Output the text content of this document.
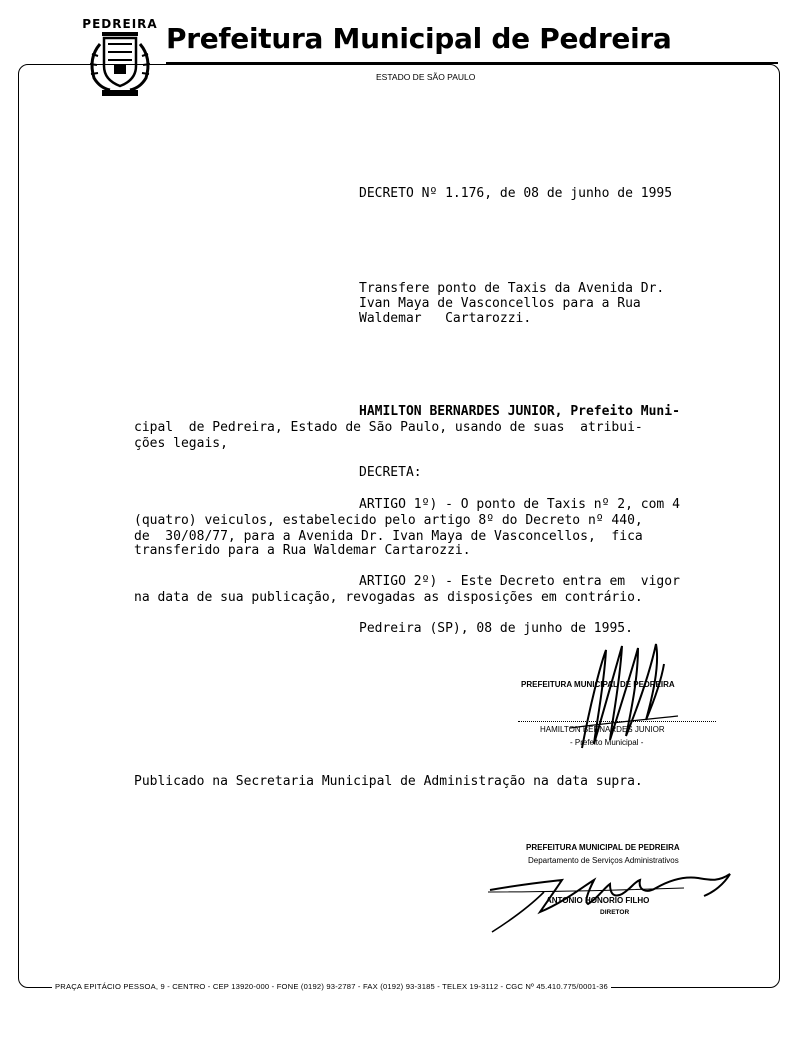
PEDREIRA Prefeitura Municipal de Pedreira
ESTADO DE SÃO PAULO
DECRETO Nº 1.176, de 08 de junho de 1995
Transfere ponto de Taxis da Avenida Dr.
Ivan Maya de Vasconcellos para a Rua
Waldemar   Cartarozzi.
HAMILTON BERNARDES JUNIOR, Prefeito Muni-
cipal  de Pedreira, Estado de São Paulo, usando de suas  atribui-
ções legais,
DECRETA:
ARTIGO 1º) - O ponto de Taxis nº 2, com 4
(quatro) veiculos, estabelecido pelo artigo 8º do Decreto nº 440,
de  30/08/77, para a Avenida Dr. Ivan Maya de Vasconcellos,  fica
transferido para a Rua Waldemar Cartarozzi.
ARTIGO 2º) - Este Decreto entra em  vigor
na data de sua publicação, revogadas as disposições em contrário.
Pedreira (SP), 08 de junho de 1995.
PREFEITURA MUNICIPAL DE PEDREIRA
HAMILTON BERNARDES JUNIOR
- Prefeito Municipal -
Publicado na Secretaria Municipal de Administração na data supra.
PREFEITURA MUNICIPAL DE PEDREIRA
Departamento de Serviços Administrativos
ANTONIO HONORIO FILHO
DIRETOR
PRAÇA EPITÁCIO PESSOA, 9 - CENTRO - CEP 13920-000 - FONE (0192) 93-2787 - FAX (0192) 93-3185 - TELEX 19-3112 - CGC Nº 45.410.775/0001-36
